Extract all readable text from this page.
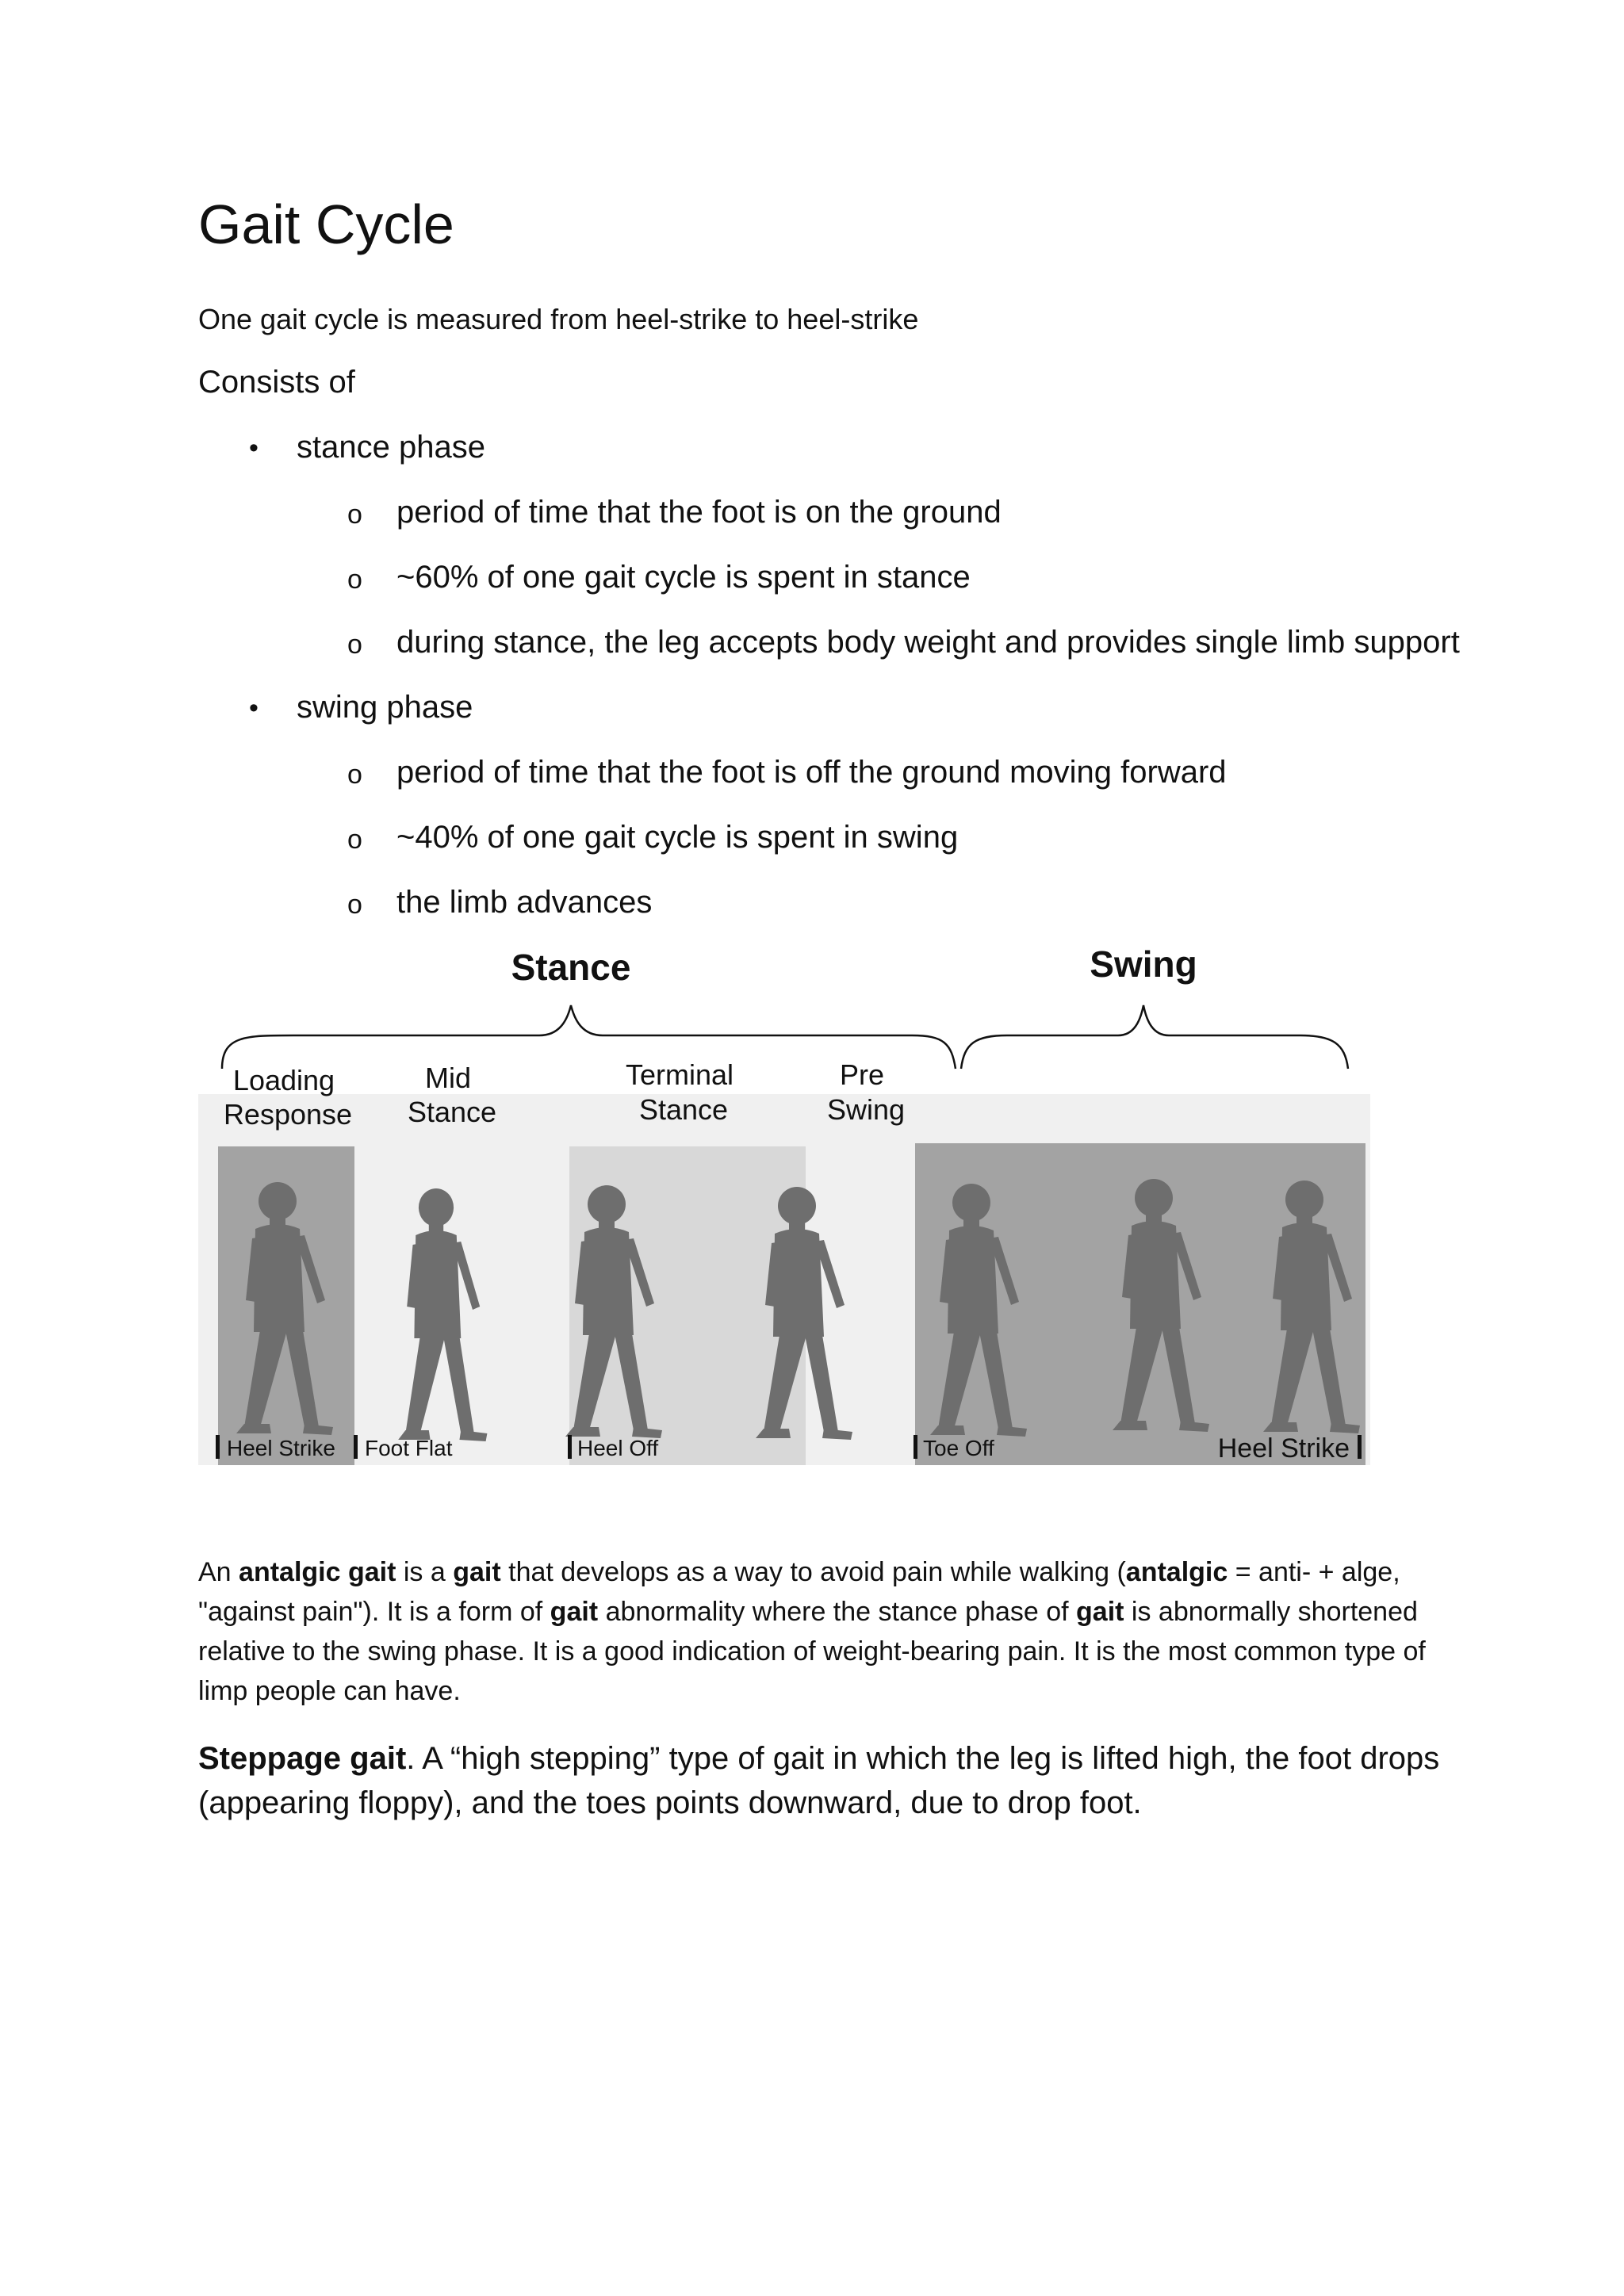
Gait Cycle

One gait cycle is measured from heel-strike to heel-strike

Consists of

• stance phase
o period of time that the foot is on the ground
o ~60% of one gait cycle is spent in stance
o during stance, the leg accepts body weight and provides single limb support
• swing phase
o period of time that the foot is off the ground moving forward
o ~40% of one gait cycle is spent in swing
o the limb advances
Stance	Swing
Loading Response
Mid Stance
Terminal Stance
Pre Swing
Heel Strike Foot Flat	Heel Off	Toe Off	Heel Strike

An antalgic gait is a gait that develops as a way to avoid pain while walking (antalgic = anti- + alge, "against pain"). It is a form of gait abnormality where the stance phase of gait is abnormally shortened relative to the swing phase. It is a good indication of weight-bearing pain. It is the most common type of limp people can have.

Steppage gait. A “high stepping” type of gait in which the leg is lifted high, the foot drops (appearing floppy), and the toes points downward, due to drop foot.
